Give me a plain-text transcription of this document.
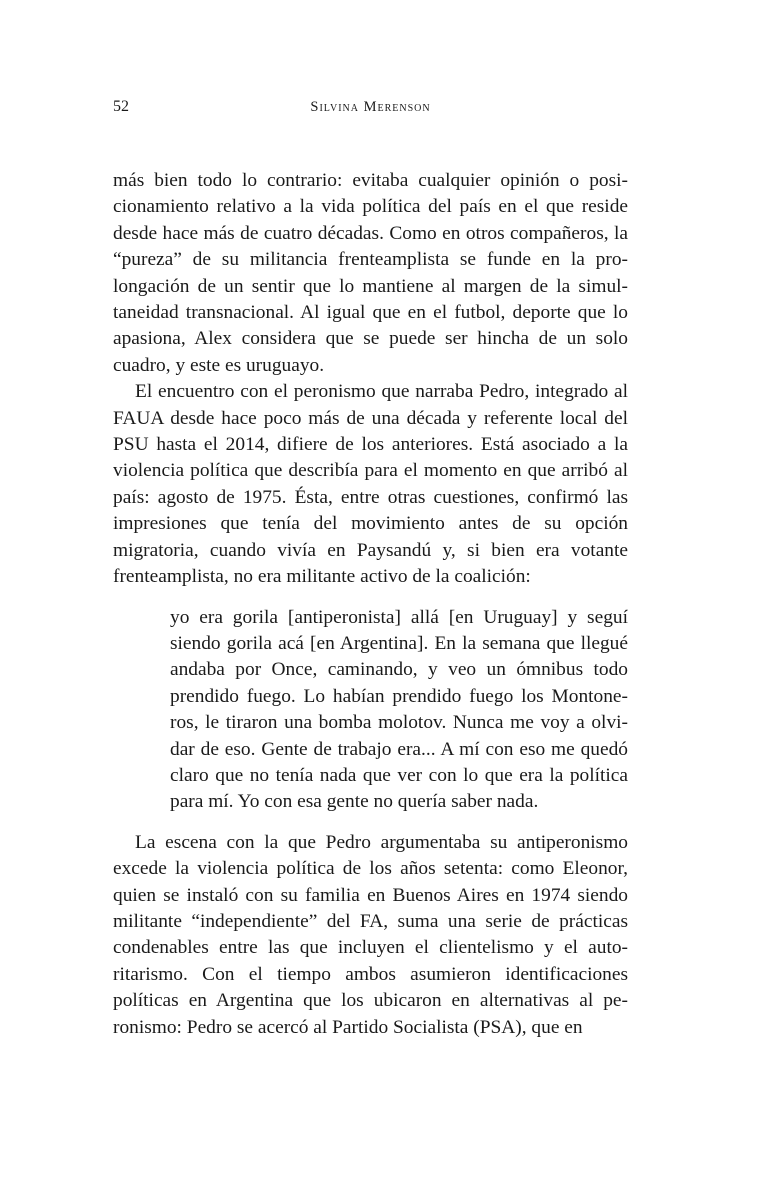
52	Silvina Merenson

más bien todo lo contrario: evitaba cualquier opinión o posicionamiento relativo a la vida política del país en el que reside desde hace más de cuatro décadas. Como en otros compañeros, la “pureza” de su militancia frenteamplista se funde en la prolongación de un sentir que lo mantiene al margen de la simultaneidad transnacional. Al igual que en el futbol, deporte que lo apasiona, Alex considera que se puede ser hincha de un solo cuadro, y este es uruguayo.

El encuentro con el peronismo que narraba Pedro, integrado al FAUA desde hace poco más de una década y referente local del PSU hasta el 2014, difiere de los anteriores. Está asociado a la violencia política que describía para el momento en que arribó al país: agosto de 1975. Ésta, entre otras cuestiones, confirmó las impresiones que tenía del movimiento antes de su opción migratoria, cuando vivía en Paysandú y, si bien era votante frenteamplista, no era militante activo de la coalición:

yo era gorila [antiperonista] allá [en Uruguay] y seguí siendo gorila acá [en Argentina]. En la semana que llegué andaba por Once, caminando, y veo un ómnibus todo prendido fuego. Lo habían prendido fuego los Montoneros, le tiraron una bomba molotov. Nunca me voy a olvidar de eso. Gente de trabajo era... A mí con eso me quedó claro que no tenía nada que ver con lo que era la política para mí. Yo con esa gente no quería saber nada.

La escena con la que Pedro argumentaba su antiperonismo excede la violencia política de los años setenta: como Eleonor, quien se instaló con su familia en Buenos Aires en 1974 siendo militante “independiente” del FA, suma una serie de prácticas condenables entre las que incluyen el clientelismo y el autoritarismo. Con el tiempo ambos asumieron identificaciones políticas en Argentina que los ubicaron en alternativas al peronismo: Pedro se acercó al Partido Socialista (PSA), que en
